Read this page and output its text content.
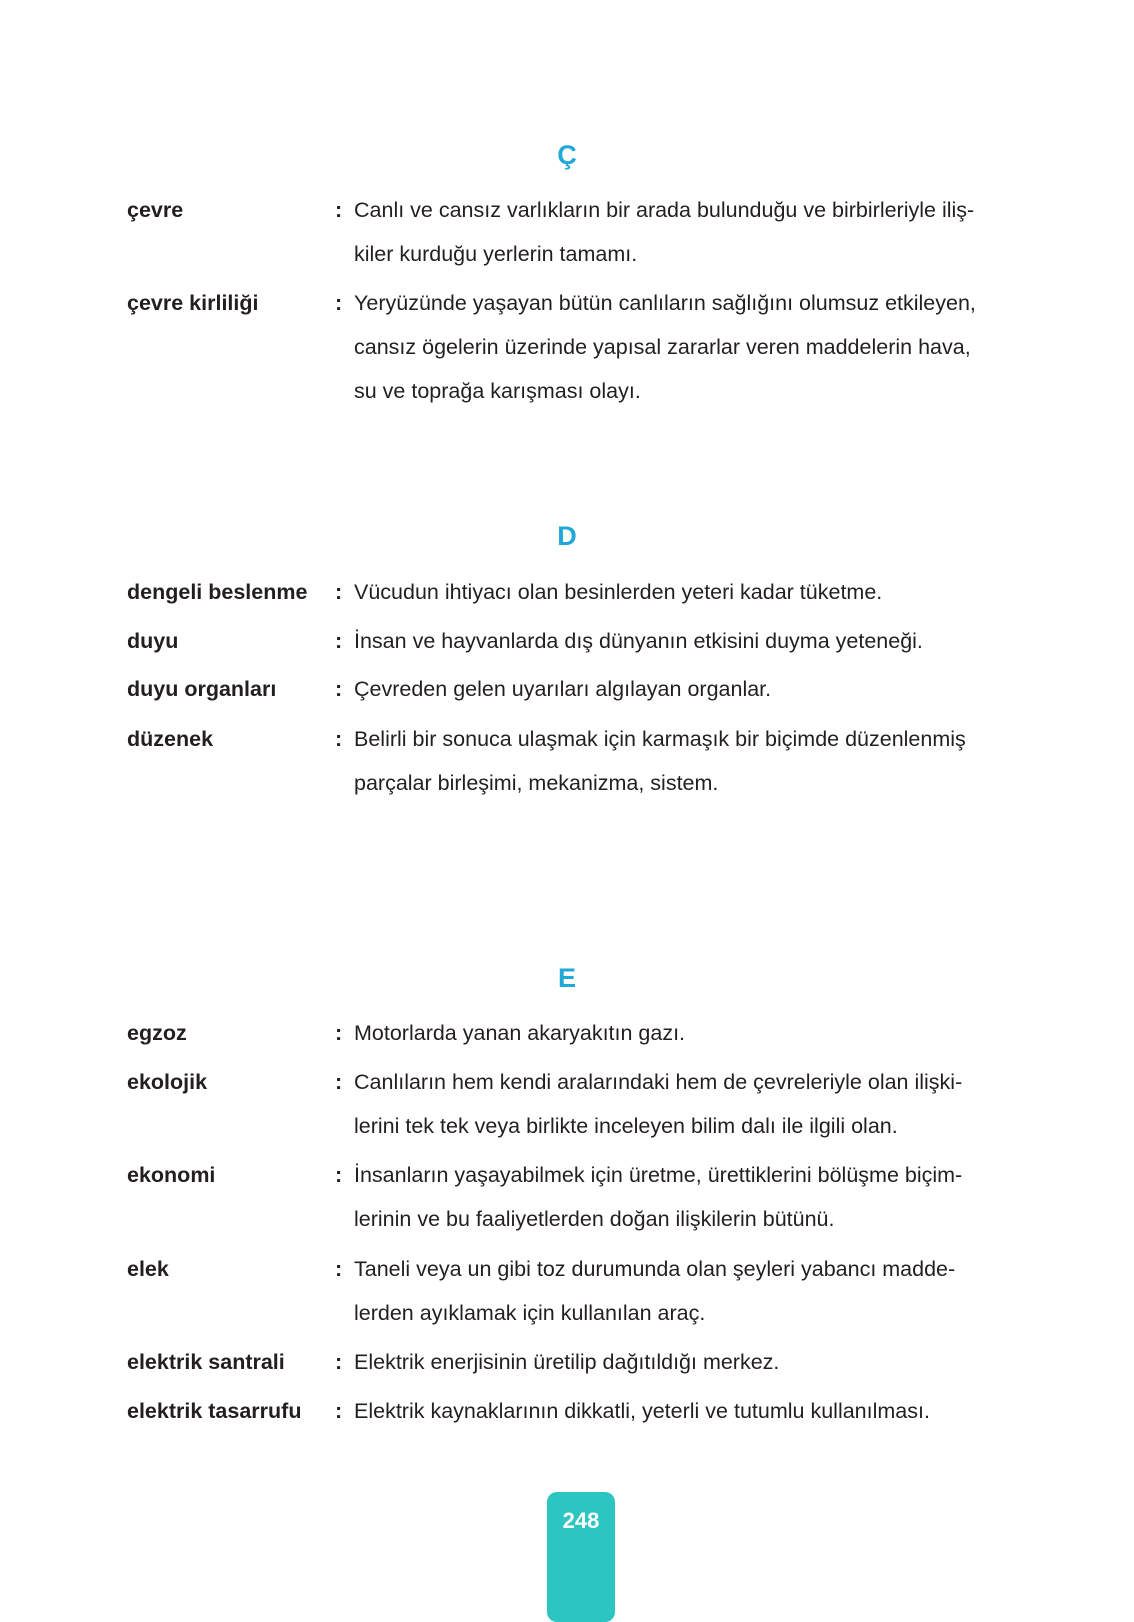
Ç
çevre	: Canlı ve cansız varlıkların bir arada bulunduğu ve birbirleriyle iliş-
kiler kurduğu yerlerin tamamı.
çevre kirliliği	: Yeryüzünde yaşayan bütün canlıların sağlığını olumsuz etkileyen,
cansız ögelerin üzerinde yapısal zararlar veren maddelerin hava,
su ve toprağa karışması olayı.
D
dengeli beslenme : Vücudun ihtiyacı olan besinlerden yeteri kadar tüketme.
duyu	: İnsan ve hayvanlarda dış dünyanın etkisini duyma yeteneği.
duyu organları	: Çevreden gelen uyarıları algılayan organlar.
düzenek	: Belirli bir sonuca ulaşmak için karmaşık bir biçimde düzenlenmiş
parçalar birleşimi, mekanizma, sistem.
E
egzoz	: Motorlarda yanan akaryakıtın gazı.
ekolojik	: Canlıların hem kendi aralarındaki hem de çevreleriyle olan ilişki-
lerini tek tek veya birlikte inceleyen bilim dalı ile ilgili olan.
ekonomi	: İnsanların yaşayabilmek için üretme, ürettiklerini bölüşme biçim-
lerinin ve bu faaliyetlerden doğan ilişkilerin bütünü.
elek	: Taneli veya un gibi toz durumunda olan şeyleri yabancı madde-
lerden ayıklamak için kullanılan araç.
elektrik santrali : Elektrik enerjisinin üretilip dağıtıldığı merkez.
elektrik tasarrufu : Elektrik kaynaklarının dikkatli, yeterli ve tutumlu kullanılması.
248
